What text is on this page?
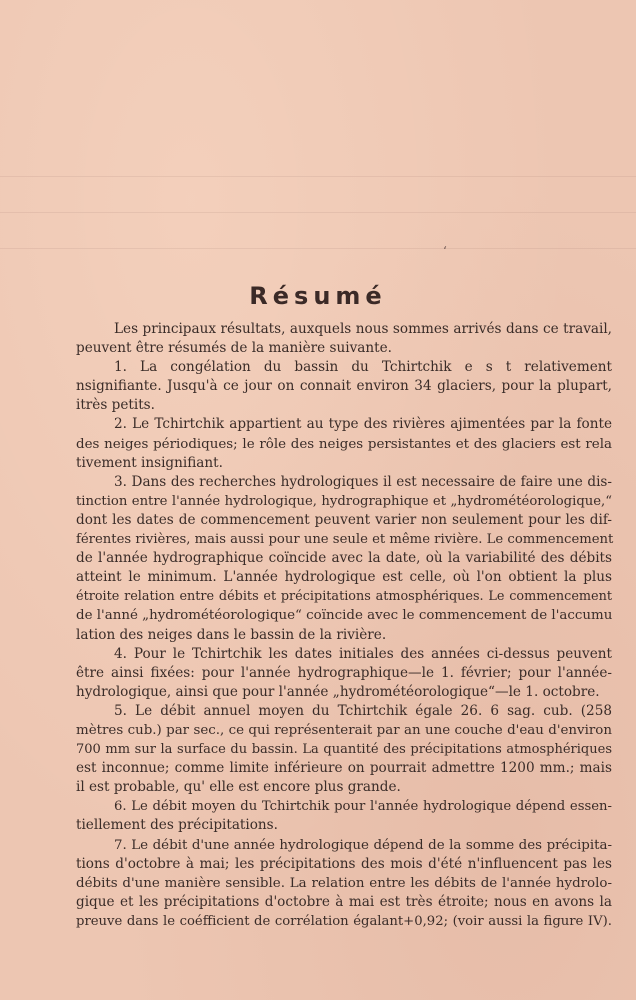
ʻ
Résumé
Les principaux résultats, auxquels nous sommes arrivés dans ce travail,
peuvent être résumés de la manière suivante.
1. La congélation du bassin du Tchirtchik e s t relativement
nsignifiante. Jusqu'à ce jour on connait environ 34 glaciers, pour la plupart,
itrès petits.
2. Le Tchirtchik appartient au type des rivières ajimentées par la fonte
des neiges périodiques; le rôle des neiges persistantes et des glaciers est rela
tivement insignifiant.
3. Dans des recherches hydrologiques il est necessaire de faire une dis-
tinction entre l'année hydrologique, hydrographique et „hydrométéorologique,“
dont les dates de commencement peuvent varier non seulement pour les dif-
férentes rivières, mais aussi pour une seule et même rivière. Le commencement
de l'année hydrographique coïncide avec la date, où la variabilité des débits
atteint le minimum. L'année hydrologique est celle, où l'on obtient la plus
étroite relation entre débits et précipitations atmosphériques. Le commencement
de l'anné „hydrométéorologique“ coïncide avec le commencement de l'accumu
lation des neiges dans le bassin de la rivière.
4. Pour le Tchirtchik les dates initiales des années ci-dessus peuvent
être ainsi fixées: pour l'année hydrographique—le 1. février; pour l'année-
hydrologique, ainsi que pour l'année „hydrométéorologique“—le 1. octobre.
5. Le débit annuel moyen du Tchirtchik égale 26. 6 sag. cub. (258
mètres cub.) par sec., ce qui représenterait par an une couche d'eau d'environ
700 mm sur la surface du bassin. La quantité des précipitations atmosphériques
est inconnue; comme limite inférieure on pourrait admettre 1200 mm.; mais
il est probable, qu' elle est encore plus grande.
6. Le débit moyen du Tchirtchik pour l'année hydrologique dépend essen-
tiellement des précipitations.
7. Le débit d'une année hydrologique dépend de la somme des précipita-
tions d'octobre à mai; les précipitations des mois d'été n'influencent pas les
débits d'une manière sensible. La relation entre les débits de l'année hydrolo-
gique et les précipitations d'octobre à mai est très étroite; nous en avons la
preuve dans le coéfficient de corrélation égalant+0,92; (voir aussi la figure IV).
